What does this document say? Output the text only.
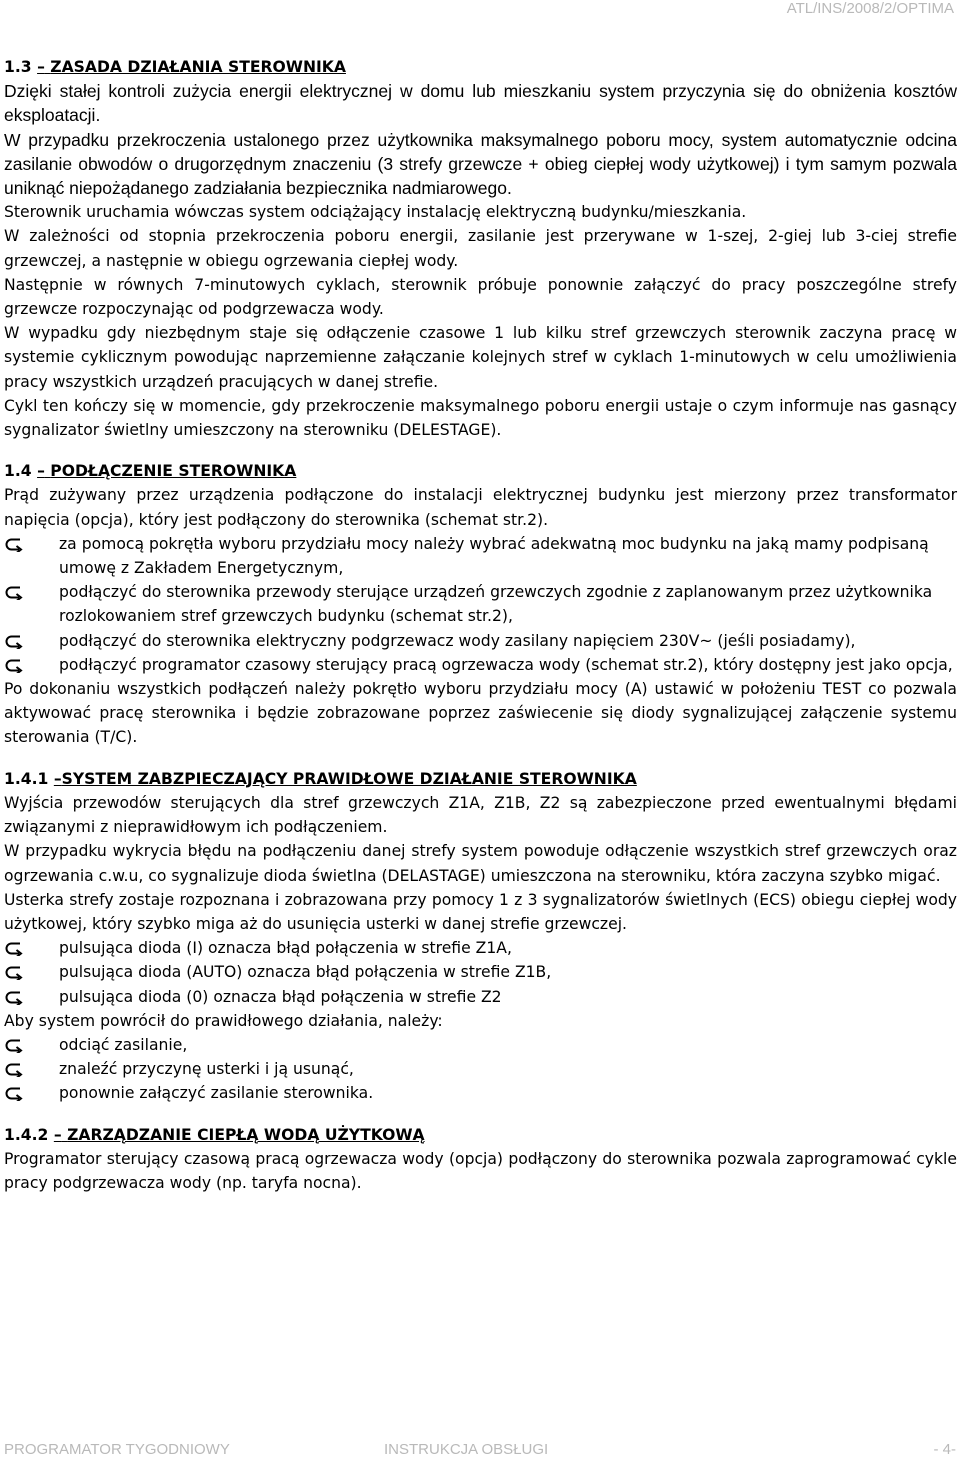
ATL/INS/2008/2/OPTIMA

1.3 – ZASADA DZIAŁANIA STEROWNIKA

Dzięki stałej kontroli zużycia energii elektrycznej w domu lub mieszkaniu system przyczynia się do obniżenia kosztów eksploatacji.

W przypadku przekroczenia ustalonego przez użytkownika maksymalnego poboru mocy, system automatycznie odcina zasilanie obwodów o drugorzędnym znaczeniu (3 strefy grzewcze + obieg ciepłej wody użytkowej) i tym samym pozwala uniknąć niepożądanego zadziałania bezpiecznika nadmiarowego.

Sterownik uruchamia wówczas system odciążający instalację elektryczną budynku/mieszkania.

W zależności od stopnia przekroczenia poboru energii, zasilanie jest przerywane w 1-szej, 2-giej lub 3-ciej strefie grzewczej, a następnie w obiegu ogrzewania ciepłej wody.

Następnie w równych 7-minutowych cyklach, sterownik próbuje ponownie załączyć do pracy poszczególne strefy grzewcze rozpoczynając od podgrzewacza wody.

W wypadku gdy niezbędnym staje się odłączenie czasowe 1 lub kilku stref grzewczych sterownik zaczyna pracę w systemie cyklicznym powodując naprzemienne załączanie kolejnych stref w cyklach 1-minutowych w celu umożliwienia pracy wszystkich urządzeń pracujących w danej strefie.

Cykl ten kończy się w momencie, gdy przekroczenie maksymalnego poboru energii ustaje o czym informuje nas gasnący sygnalizator świetlny umieszczony na sterowniku (DELESTAGE).

1.4 – PODŁĄCZENIE STEROWNIKA

Prąd zużywany przez urządzenia podłączone do instalacji elektrycznej budynku jest mierzony przez transformator napięcia (opcja), który jest podłączony do sterownika (schemat str.2).

za pomocą pokrętła wyboru przydziału mocy należy wybrać adekwatną moc budynku na jaką mamy podpisaną umowę z Zakładem Energetycznym,
podłączyć do sterownika przewody sterujące urządzeń grzewczych zgodnie z zaplanowanym przez użytkownika rozlokowaniem stref grzewczych budynku (schemat str.2),
podłączyć do sterownika elektryczny podgrzewacz wody zasilany napięciem 230V~ (jeśli posiadamy),
podłączyć programator czasowy sterujący pracą ogrzewacza wody (schemat str.2), który dostępny jest jako opcja,

Po dokonaniu wszystkich podłączeń należy pokrętło wyboru przydziału mocy (A) ustawić w położeniu TEST co pozwala aktywować pracę sterownika i będzie zobrazowane poprzez zaświecenie się diody sygnalizującej załączenie systemu sterowania (T/C).

1.4.1 –SYSTEM ZABZPIECZAJĄCY PRAWIDŁOWE DZIAŁANIE STEROWNIKA

Wyjścia przewodów sterujących dla stref grzewczych Z1A, Z1B, Z2 są zabezpieczone przed ewentualnymi błędami związanymi z nieprawidłowym ich podłączeniem.

W przypadku wykrycia błędu na podłączeniu danej strefy system powoduje odłączenie wszystkich stref grzewczych oraz ogrzewania c.w.u, co sygnalizuje dioda świetlna (DELASTAGE) umieszczona na sterowniku, która zaczyna szybko migać.

Usterka strefy zostaje rozpoznana i zobrazowana przy pomocy 1 z 3 sygnalizatorów świetlnych (ECS) obiegu ciepłej wody użytkowej, który szybko miga aż do usunięcia usterki w danej strefie grzewczej.

pulsująca dioda (I) oznacza błąd połączenia w strefie Z1A,
pulsująca dioda (AUTO) oznacza błąd połączenia w strefie Z1B,
pulsująca dioda (0) oznacza błąd połączenia w strefie Z2

Aby system powrócił do prawidłowego działania, należy:

odciąć zasilanie,
znaleźć przyczynę usterki i ją usunąć,
ponownie załączyć zasilanie sterownika.

1.4.2 – ZARZĄDZANIE CIEPŁĄ WODĄ UŻYTKOWĄ

Programator sterujący czasową pracą ogrzewacza wody (opcja) podłączony do sterownika pozwala zaprogramować cykle pracy podgrzewacza wody (np. taryfa nocna).

PROGRAMATOR TYGODNIOWY	INSTRUKCJA OBSŁUGI	- 4-
